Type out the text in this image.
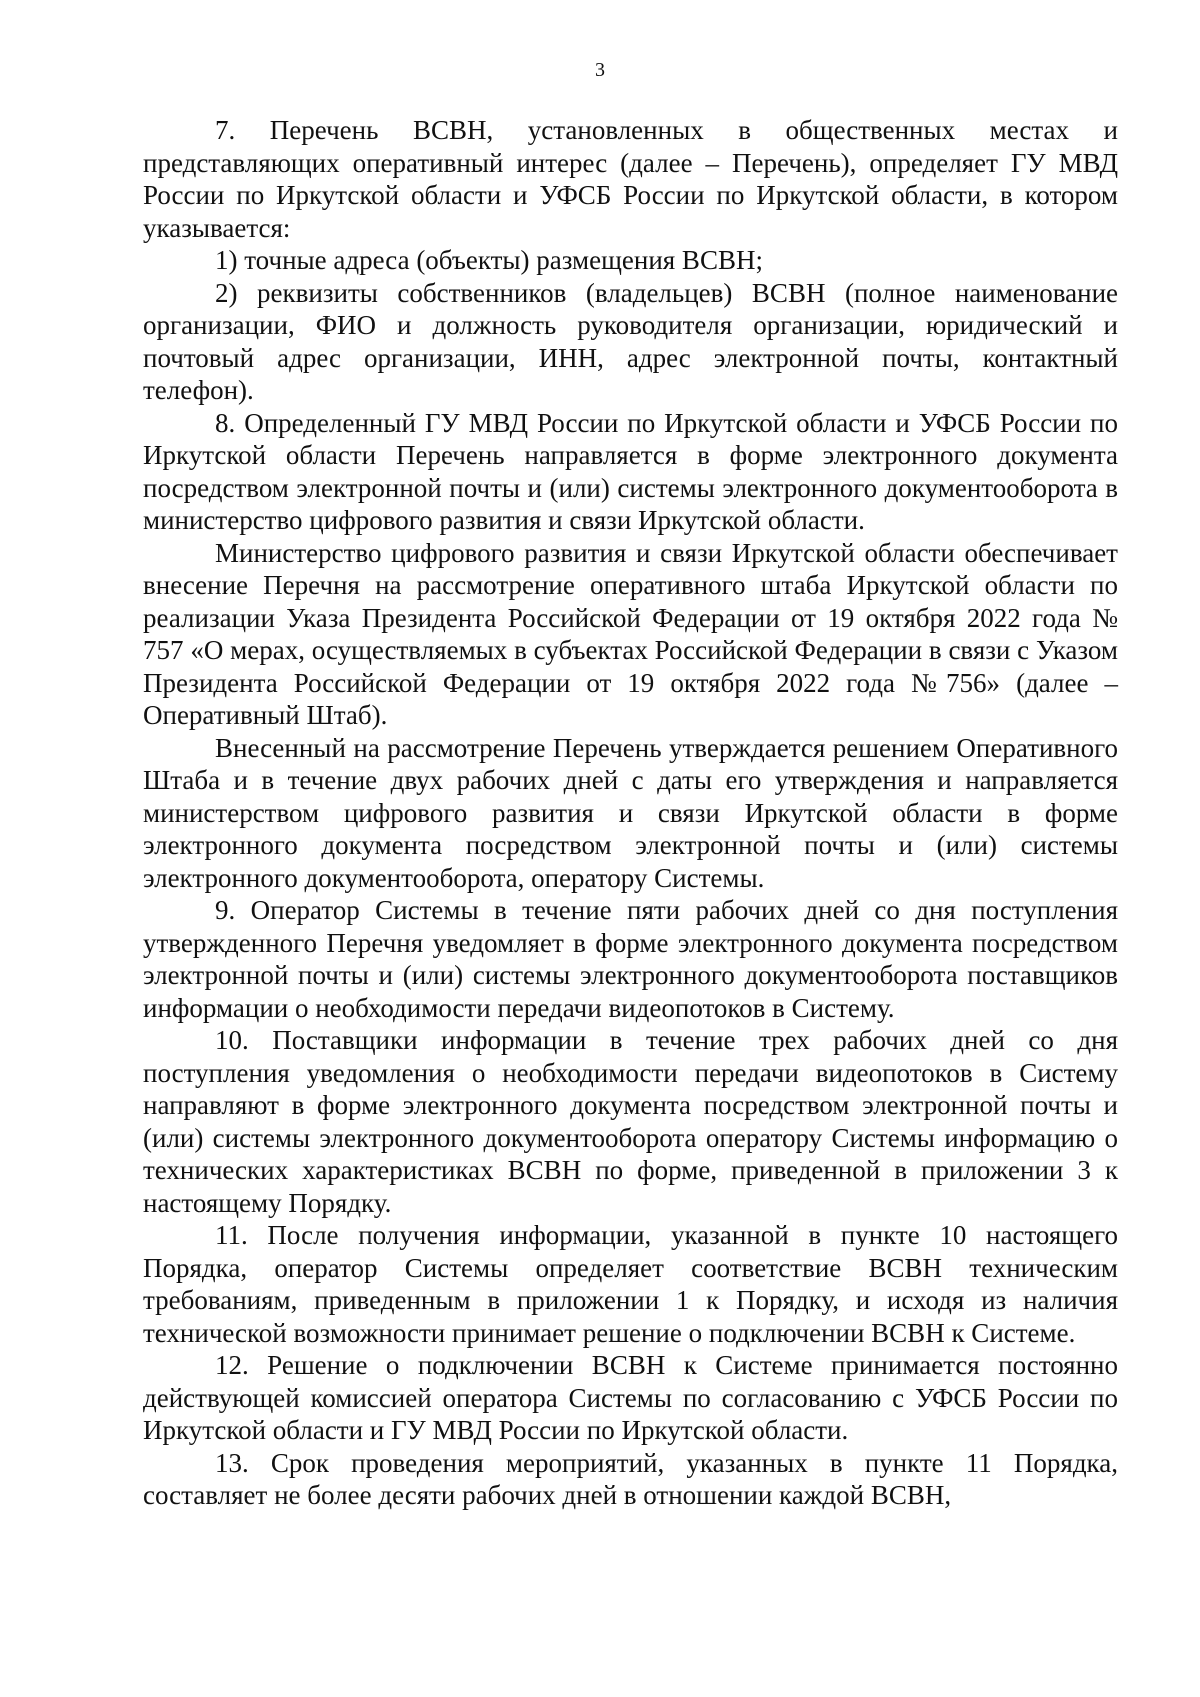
3

7. Перечень ВСВН, установленных в общественных местах и представляющих оперативный интерес (далее – Перечень), определяет ГУ МВД России по Иркутской области и УФСБ России по Иркутской области, в котором указывается:

1) точные адреса (объекты) размещения ВСВН;

2) реквизиты собственников (владельцев) ВСВН (полное наименование организации, ФИО и должность руководителя организации, юридический и почтовый адрес организации, ИНН, адрес электронной почты, контактный телефон).

8. Определенный ГУ МВД России по Иркутской области и УФСБ России по Иркутской области Перечень направляется в форме электронного документа посредством электронной почты и (или) системы электронного документооборота в министерство цифрового развития и связи Иркутской области.

Министерство цифрового развития и связи Иркутской области обеспечивает внесение Перечня на рассмотрение оперативного штаба Иркутской области по реализации Указа Президента Российской Федерации от 19 октября 2022 года № 757 «О мерах, осуществляемых в субъектах Российской Федерации в связи с Указом Президента Российской Федерации от 19 октября 2022 года №756» (далее – Оперативный Штаб).

Внесенный на рассмотрение Перечень утверждается решением Оперативного Штаба и в течение двух рабочих дней с даты его утверждения и направляется министерством цифрового развития и связи Иркутской области в форме электронного документа посредством электронной почты и (или) системы электронного документооборота, оператору Системы.

9. Оператор Системы в течение пяти рабочих дней со дня поступления утвержденного Перечня уведомляет в форме электронного документа посредством электронной почты и (или) системы электронного документооборота поставщиков информации о необходимости передачи видеопотоков в Систему.

10. Поставщики информации в течение трех рабочих дней со дня поступления уведомления о необходимости передачи видеопотоков в Систему направляют в форме электронного документа посредством электронной почты и (или) системы электронного документооборота оператору Системы информацию о технических характеристиках ВСВН по форме, приведенной в приложении 3 к настоящему Порядку.

11. После получения информации, указанной в пункте 10 настоящего Порядка, оператор Системы определяет соответствие ВСВН техническим требованиям, приведенным в приложении 1 к Порядку, и исходя из наличия технической возможности принимает решение о подключении ВСВН к Системе.

12. Решение о подключении ВСВН к Системе принимается постоянно действующей комиссией оператора Системы по согласованию с УФСБ России по Иркутской области и ГУ МВД России по Иркутской области.

13. Срок проведения мероприятий, указанных в пункте 11 Порядка, составляет не более десяти рабочих дней в отношении каждой ВСВН,
